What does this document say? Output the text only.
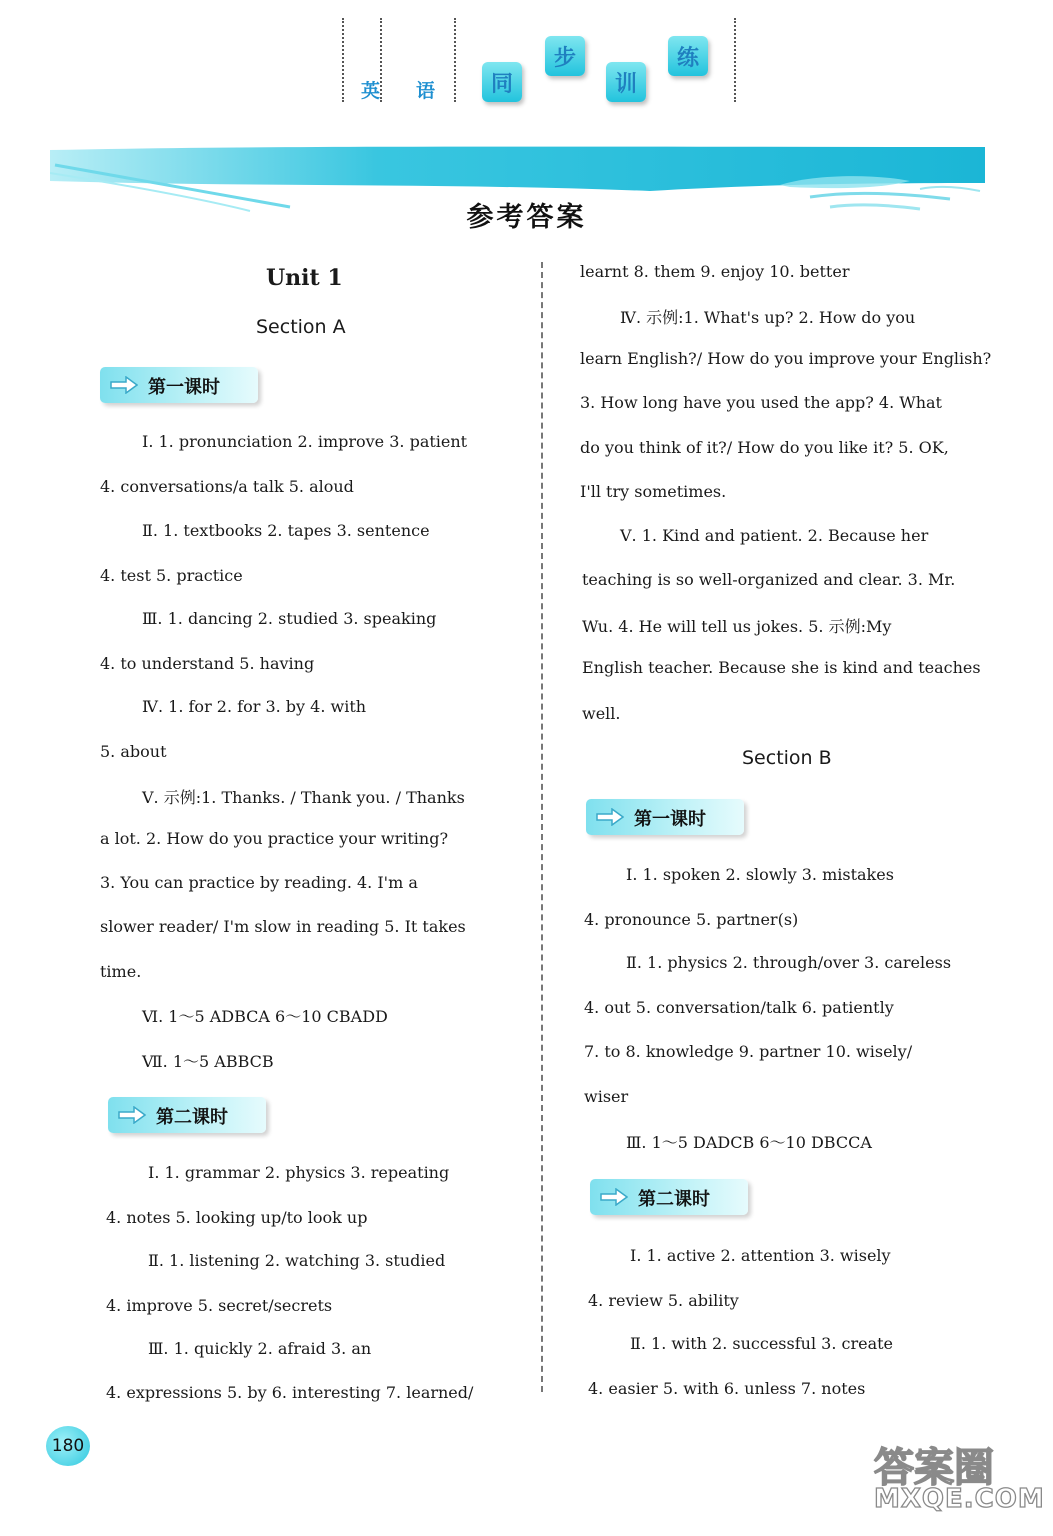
英 语	同
步
训
练
参考答案
Unit 1
Section A
第一课时
Ⅰ. 1. pronunciation 2. improve 3. patient
4. conversations/a talk 5. aloud
Ⅱ. 1. textbooks 2. tapes 3. sentence
4. test 5. practice
Ⅲ. 1. dancing 2. studied 3. speaking
4. to understand 5. having
Ⅳ. 1. for 2. for 3. by 4. with
5. about
Ⅴ. 示例:1. Thanks. / Thank you. / Thanks
a lot. 2. How do you practice your writing?
3. You can practice by reading. 4. I'm a
slower reader/ I'm slow in reading 5. It takes
time.
Ⅵ. 1～5 ADBCA 6～10 CBADD
Ⅶ. 1～5 ABBCB
第二课时
Ⅰ. 1. grammar 2. physics 3. repeating
4. notes 5. looking up/to look up
Ⅱ. 1. listening 2. watching 3. studied
4. improve 5. secret/secrets
Ⅲ. 1. quickly 2. afraid 3. an
4. expressions 5. by 6. interesting 7. learned/
learnt 8. them 9. enjoy 10. better
Ⅳ. 示例:1. What's up? 2. How do you
learn English?/ How do you improve your English?
3. How long have you used the app? 4. What
do you think of it?/ How do you like it? 5. OK,
I'll try sometimes.
Ⅴ. 1. Kind and patient. 2. Because her
teaching is so well-organized and clear. 3. Mr.
Wu. 4. He will tell us jokes. 5. 示例:My
English teacher. Because she is kind and teaches
well.
Section B
第一课时
Ⅰ. 1. spoken 2. slowly 3. mistakes
4. pronounce 5. partner(s)
Ⅱ. 1. physics 2. through/over 3. careless
4. out 5. conversation/talk 6. patiently
7. to 8. knowledge 9. partner 10. wisely/
wiser
Ⅲ. 1～5 DADCB 6～10 DBCCA
第二课时
Ⅰ. 1. active 2. attention 3. wisely
4. review 5. ability
Ⅱ. 1. with 2. successful 3. create
4. easier 5. with 6. unless 7. notes
180	答案圈
MXQE.COM
